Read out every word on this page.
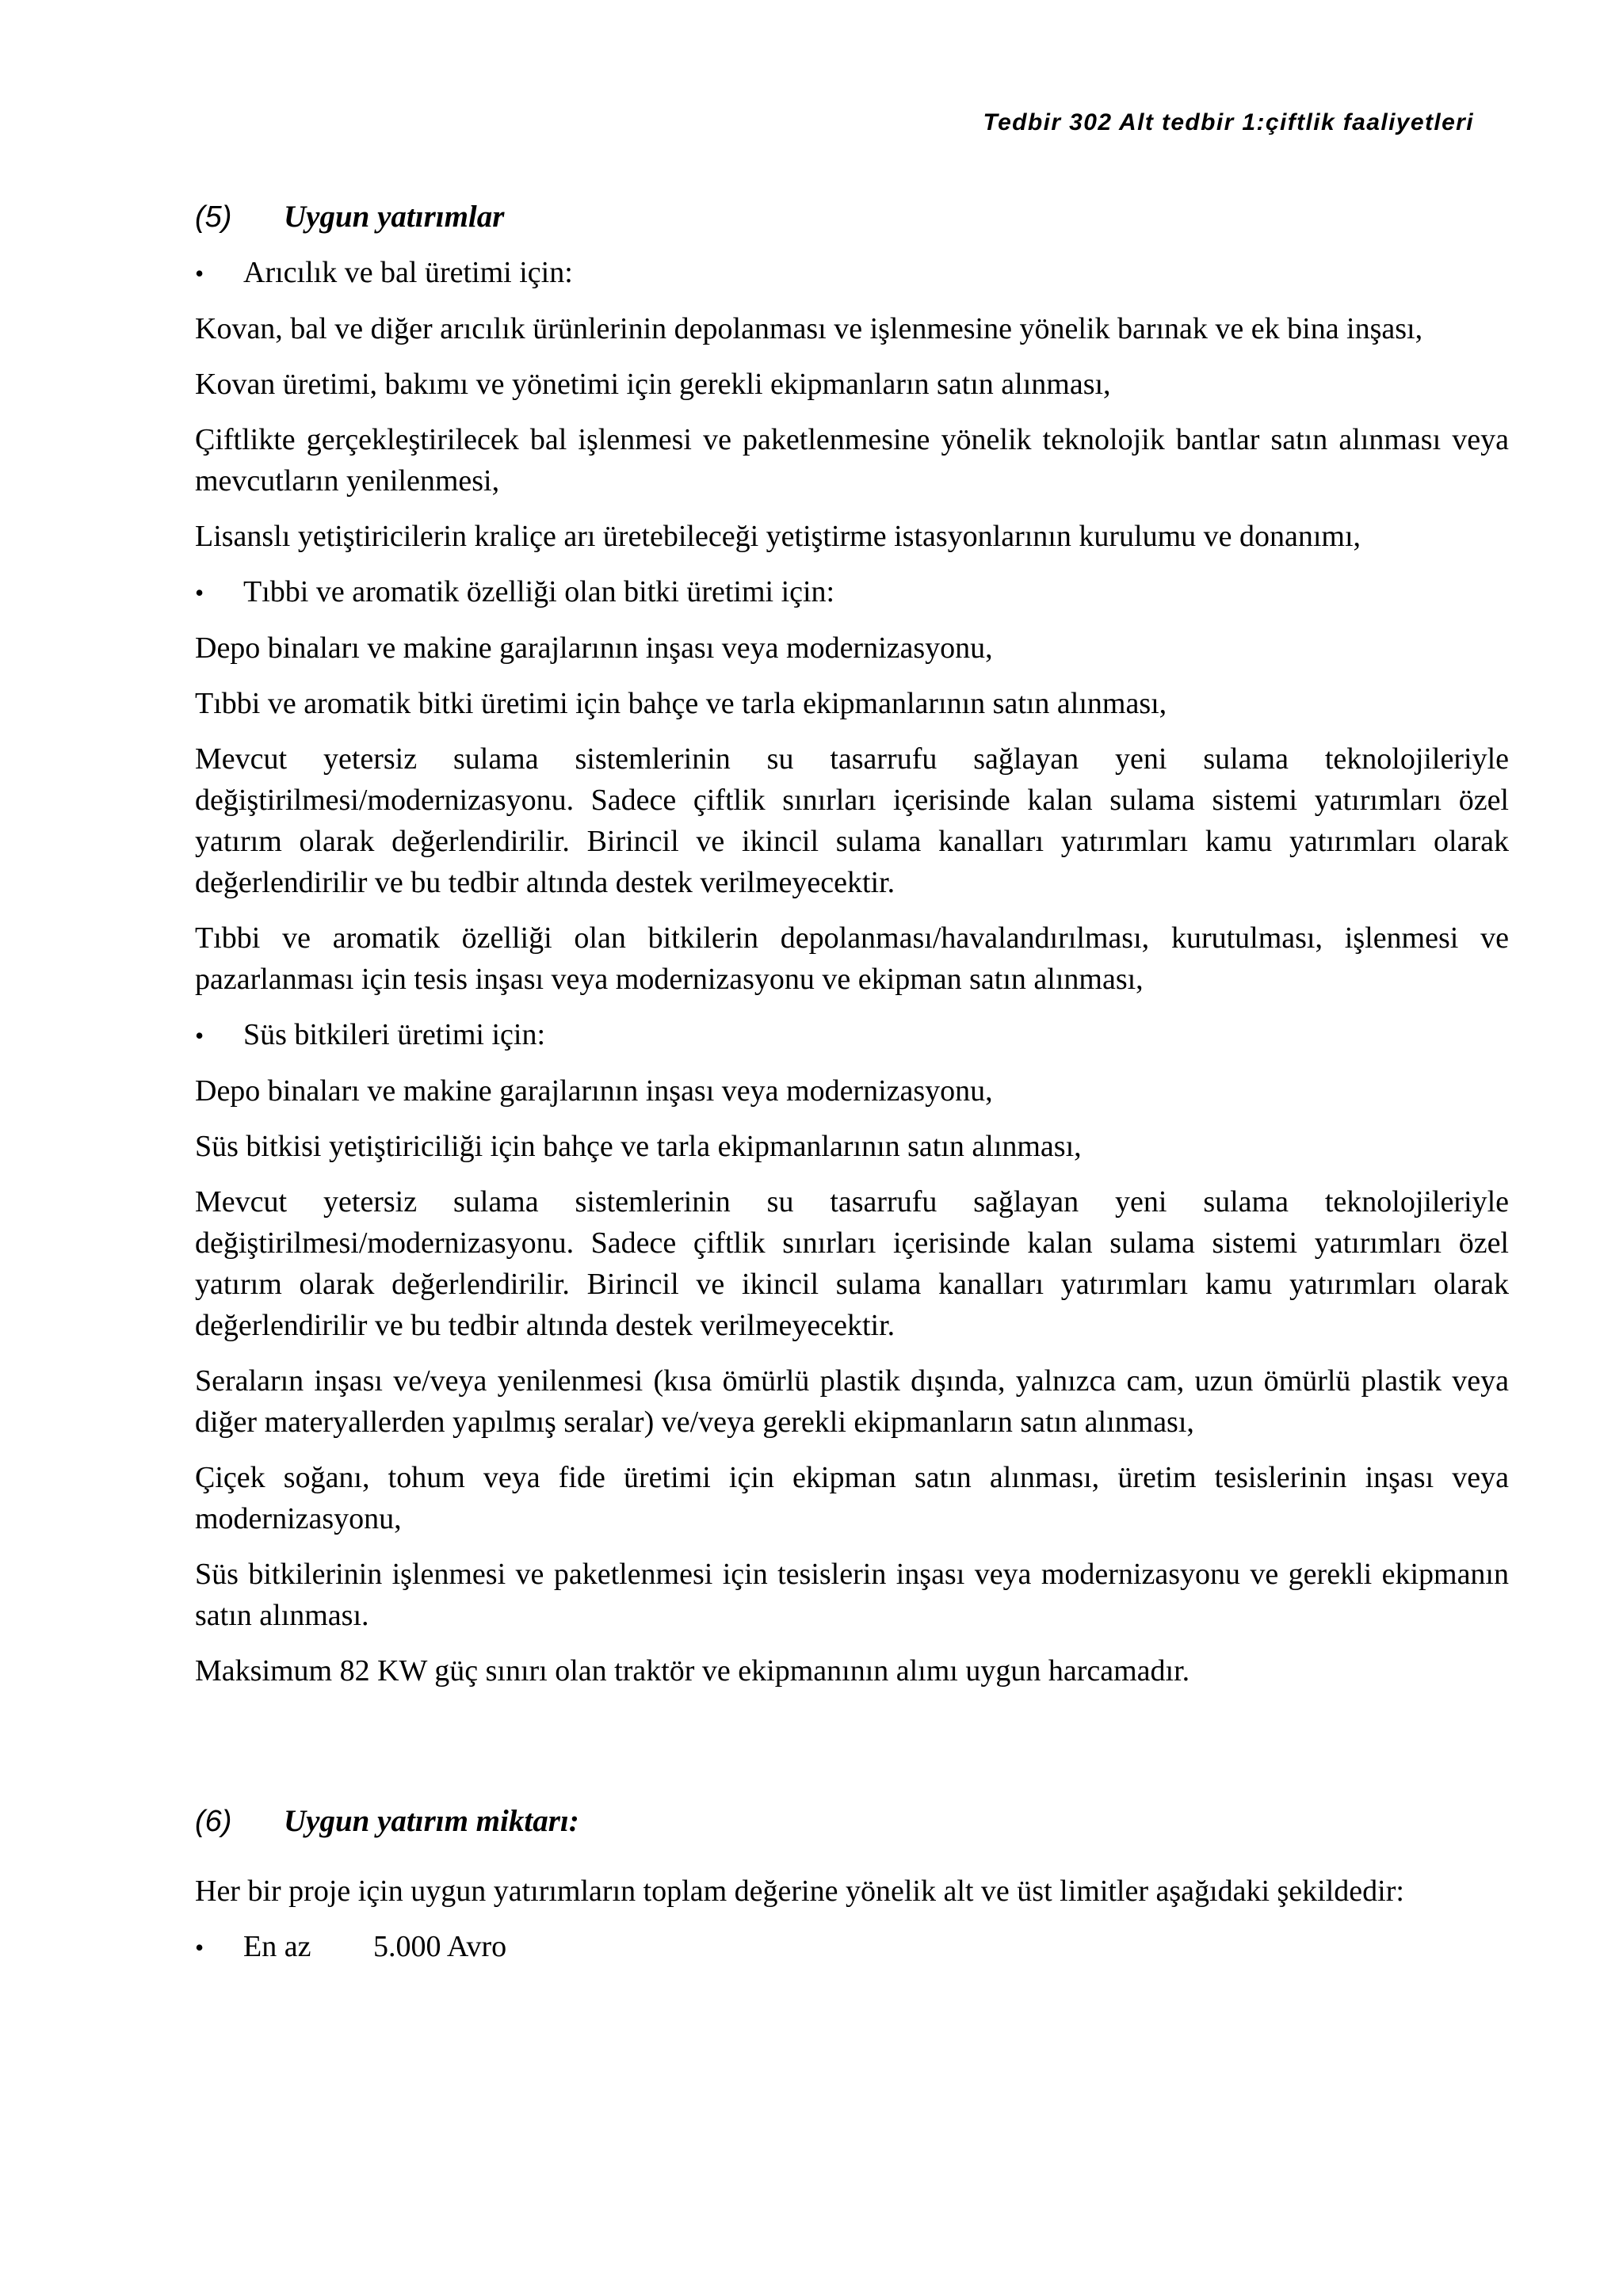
Tedbir 302 Alt tedbir 1:çiftlik faaliyetleri
(5)	Uygun yatırımlar
•	Arıcılık ve bal üretimi için:
Kovan, bal ve diğer arıcılık ürünlerinin depolanması ve işlenmesine yönelik barınak ve ek bina inşası,
Kovan üretimi, bakımı ve yönetimi için gerekli ekipmanların satın alınması,
Çiftlikte gerçekleştirilecek bal işlenmesi ve paketlenmesine yönelik teknolojik bantlar satın alınması veya mevcutların yenilenmesi,
Lisanslı yetiştiricilerin kraliçe arı üretebileceği yetiştirme istasyonlarının kurulumu ve donanımı,
•	Tıbbi ve aromatik özelliği olan bitki üretimi için:
Depo binaları ve makine garajlarının inşası veya modernizasyonu,
Tıbbi ve aromatik bitki üretimi için bahçe ve tarla ekipmanlarının satın alınması,
Mevcut yetersiz sulama sistemlerinin su tasarrufu sağlayan yeni sulama teknolojileriyle değiştirilmesi/modernizasyonu. Sadece çiftlik sınırları içerisinde kalan sulama sistemi yatırımları özel yatırım olarak değerlendirilir. Birincil ve ikincil sulama kanalları yatırımları kamu yatırımları olarak değerlendirilir ve bu tedbir altında destek verilmeyecektir.
Tıbbi ve aromatik özelliği olan bitkilerin depolanması/havalandırılması, kurutulması, işlenmesi ve pazarlanması için tesis inşası veya modernizasyonu ve ekipman satın alınması,
•	Süs bitkileri üretimi için:
Depo binaları ve makine garajlarının inşası veya modernizasyonu,
Süs bitkisi yetiştiriciliği için bahçe ve tarla ekipmanlarının satın alınması,
Mevcut yetersiz sulama sistemlerinin su tasarrufu sağlayan yeni sulama teknolojileriyle değiştirilmesi/modernizasyonu. Sadece çiftlik sınırları içerisinde kalan sulama sistemi yatırımları özel yatırım olarak değerlendirilir. Birincil ve ikincil sulama kanalları yatırımları kamu yatırımları olarak değerlendirilir ve bu tedbir altında destek verilmeyecektir.
Seraların inşası ve/veya yenilenmesi (kısa ömürlü plastik dışında, yalnızca cam, uzun ömürlü plastik veya diğer materyallerden yapılmış seralar) ve/veya gerekli ekipmanların satın alınması,
Çiçek soğanı, tohum veya fide üretimi için ekipman satın alınması, üretim tesislerinin inşası veya modernizasyonu,
Süs bitkilerinin işlenmesi ve paketlenmesi için tesislerin inşası veya modernizasyonu ve gerekli ekipmanın satın alınması.
Maksimum 82 KW güç sınırı olan traktör ve ekipmanının alımı uygun harcamadır.
(6)	Uygun yatırım miktarı:
Her bir proje için uygun yatırımların toplam değerine yönelik alt ve üst limitler aşağıdaki şekildedir:
•	En az	5.000 Avro
